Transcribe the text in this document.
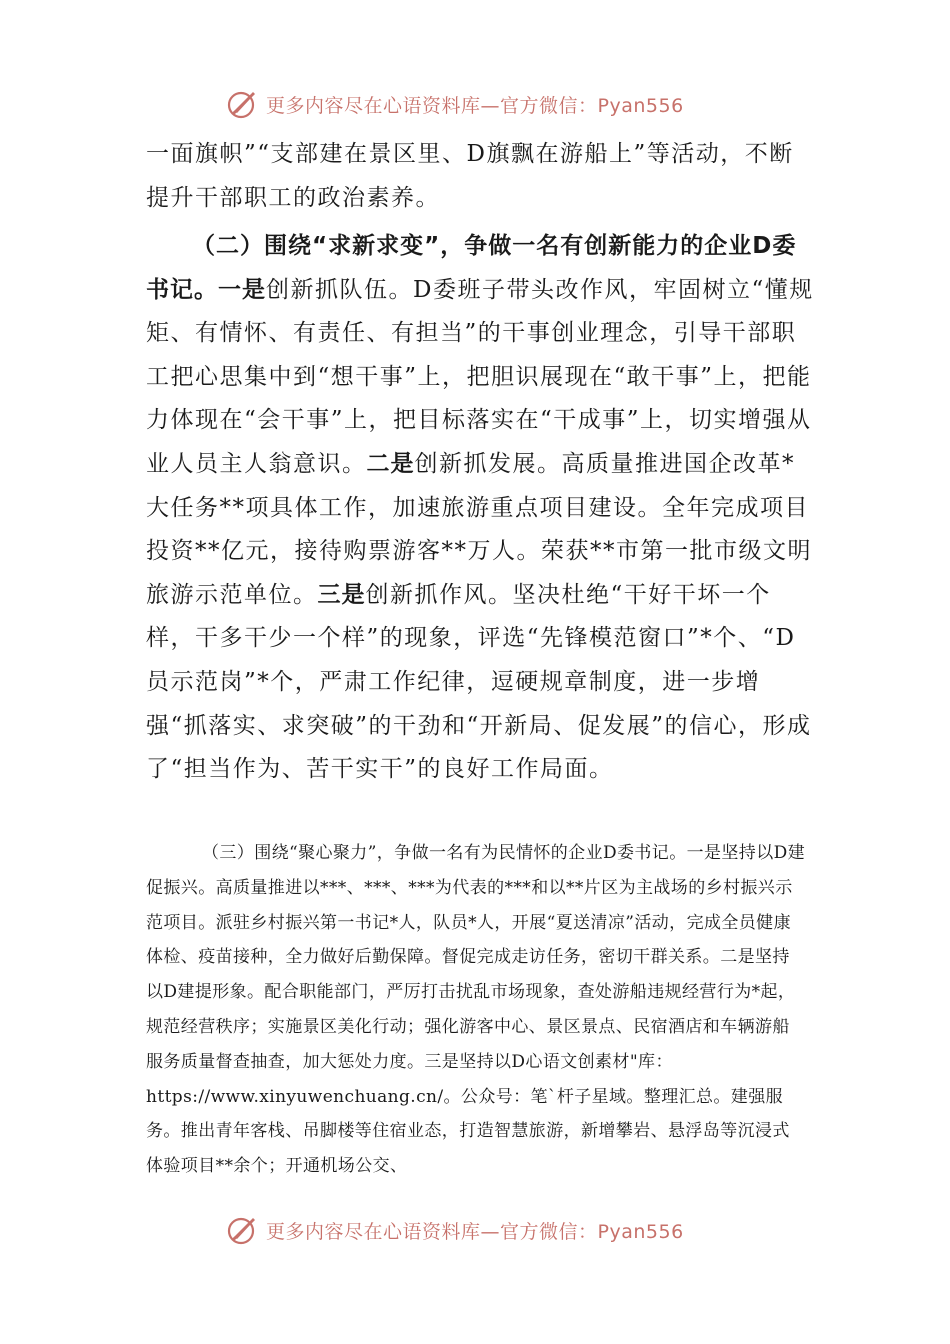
更多内容尽在心语资料库—官方微信：Pyan556

一面旗帜”“支部建在景区里、D旗飘在游船上”等活动，不断提升干部职工的政治素养。

（二）围绕“求新求变”，争做一名有创新能力的企业D委书记。一是创新抓队伍。D委班子带头改作风，牢固树立“懂规矩、有情怀、有责任、有担当”的干事创业理念，引导干部职工把心思集中到“想干事”上，把胆识展现在“敢干事”上，把能力体现在“会干事”上，把目标落实在“干成事”上，切实增强从业人员主人翁意识。二是创新抓发展。高质量推进国企改革*大任务**项具体工作，加速旅游重点项目建设。全年完成项目投资**亿元，接待购票游客**万人。荣获**市第一批市级文明旅游示范单位。三是创新抓作风。坚决杜绝“干好干坏一个样，干多干少一个样”的现象，评选“先锋模范窗口”*个、“D员示范岗”*个，严肃工作纪律，逗硬规章制度，进一步增强“抓落实、求突破”的干劲和“开新局、促发展”的信心，形成了“担当作为、苦干实干”的良好工作局面。

（三）围绕“聚心聚力”，争做一名有为民情怀的企业D委书记。一是坚持以D建促振兴。高质量推进以***、***、***为代表的***和以**片区为主战场的乡村振兴示范项目。派驻乡村振兴第一书记*人，队员*人，开展“夏送清凉”活动，完成全员健康体检、疫苗接种，全力做好后勤保障。督促完成走访任务，密切干群关系。二是坚持以D建提形象。配合职能部门，严厉打击扰乱市场现象，查处游船违规经营行为*起，规范经营秩序；实施景区美化行动；强化游客中心、景区景点、民宿酒店和车辆游船服务质量督查抽查，加大惩处力度。三是坚持以D心语文创素材"库：https://www.xinyuwenchuang.cn/。公众号：笔`杆子星域。整理汇总。建强服务。推出青年客栈、吊脚楼等住宿业态，打造智慧旅游，新增攀岩、悬浮岛等沉浸式体验项目**余个；开通机场公交、

更多内容尽在心语资料库—官方微信：Pyan556
